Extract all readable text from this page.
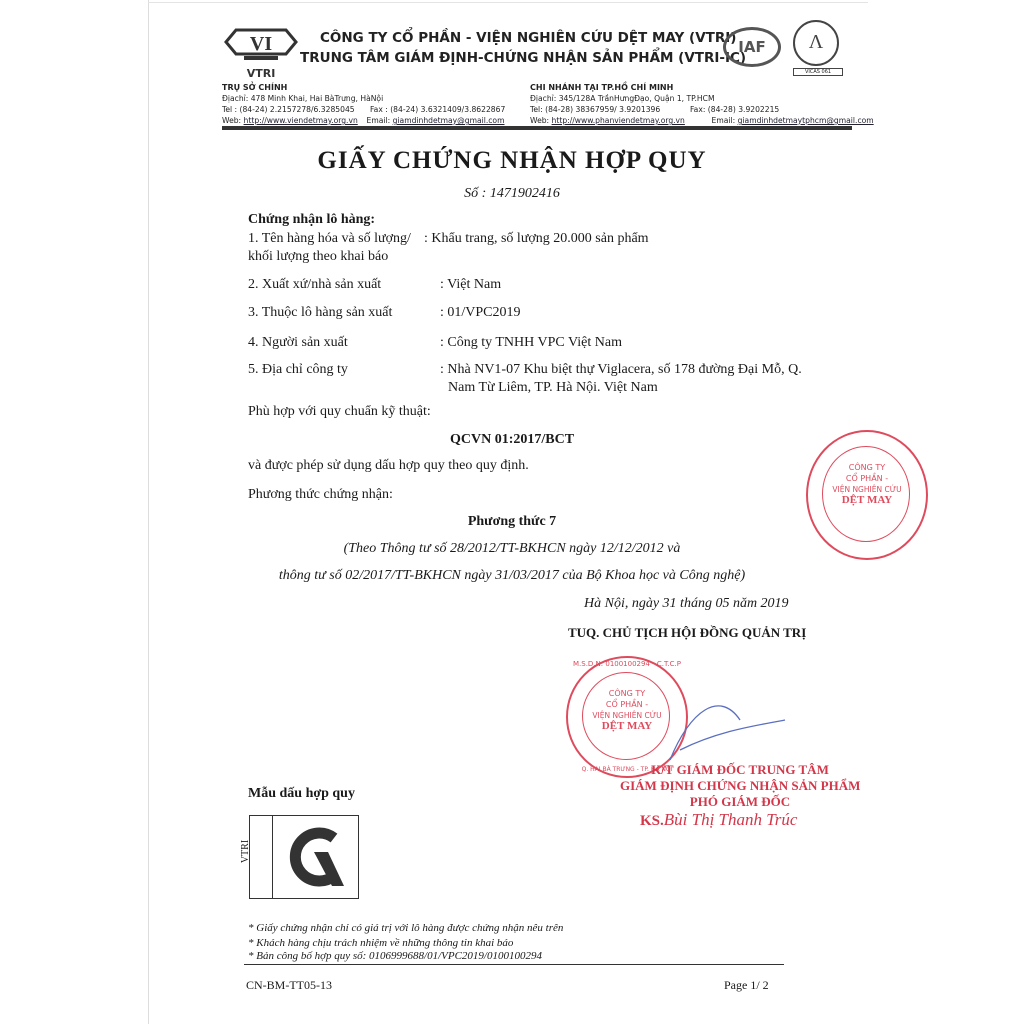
VI
VTRI
CÔNG TY CỔ PHẦN - VIỆN NGHIÊN CỨU DỆT MAY (VTRI)
TRUNG TÂM GIÁM ĐỊNH-CHỨNG NHẬN SẢN PHẨM (VTRI-IC)
IAF	Λ
VICAS 061
TRỤ SỞ CHÍNH
Địachỉ: 478 Minh Khai, Hai BàTrưng, HàNội
Tel : (84-24) 2.2157278/6.3285045 Fax : (84-24) 3.6321409/3.8622867
Web: http://www.viendetmay.org.vn Email: giamdinhdetmay@gmail.com
CHI NHÁNH TẠI TP.HỒ CHÍ MINH
Địachỉ: 345/128A TrầnHưngĐạo, Quận 1, TP.HCM
Tel: (84-28) 38367959/ 3.9201396	Fax: (84-28) 3.9202215
Web: http://www.phanviendetmay.org.vn	Email: giamdinhdetmaytphcm@gmail.com
GIẤY CHỨNG NHẬN HỢP QUY
Số : 1471902416
Chứng nhận lô hàng:
1. Tên hàng hóa và số lượng/
khối lượng theo khai báo
: Khẩu trang, số lượng 20.000 sản phẩm
2. Xuất xứ/nhà sản xuất	: Việt Nam
3. Thuộc lô hàng sản xuất	: 01/VPC2019
4. Người sản xuất	: Công ty TNHH VPC Việt Nam
5. Địa chỉ công ty	: Nhà NV1-07 Khu biệt thự Viglacera, số 178 đường Đại Mỗ, Q.
Nam Từ Liêm, TP. Hà Nội. Việt Nam
Phù hợp với quy chuẩn kỹ thuật:
QCVN 01:2017/BCT
và được phép sử dụng dấu hợp quy theo quy định.
Phương thức chứng nhận:
Phương thức 7
(Theo Thông tư số 28/2012/TT-BKHCN ngày 12/12/2012 và
thông tư số 02/2017/TT-BKHCN ngày 31/03/2017 của Bộ Khoa học và Công nghệ)
Hà Nội, ngày 31 tháng 05 năm 2019
TUQ. CHỦ TỊCH HỘI ĐỒNG QUẢN TRỊ
M.S.D.N: 0100100294 - C.T.C.P
Q. HAI BÀ TRƯNG - TP. HÀ NỘI
CÔNG TY
CỔ PHẦN -
VIỆN NGHIÊN CỨU
DỆT MAY
CÔNG TY
CỔ PHẦN -
VIỆN NGHIÊN CỨU
DỆT MAY
K/T GIÁM ĐỐC TRUNG TÂM
GIÁM ĐỊNH CHỨNG NHẬN SẢN PHẨM
PHÓ GIÁM ĐỐC
KS.Bùi Thị Thanh Trúc
Mẫu dấu hợp quy
VTRI
* Giấy chứng nhận chỉ có giá trị với lô hàng được chứng nhận nêu trên
* Khách hàng chịu trách nhiệm về những thông tin khai báo
* Bản công bố hợp quy số: 0106999688/01/VPC2019/0100100294
CN-BM-TT05-13	Page 1/ 2
